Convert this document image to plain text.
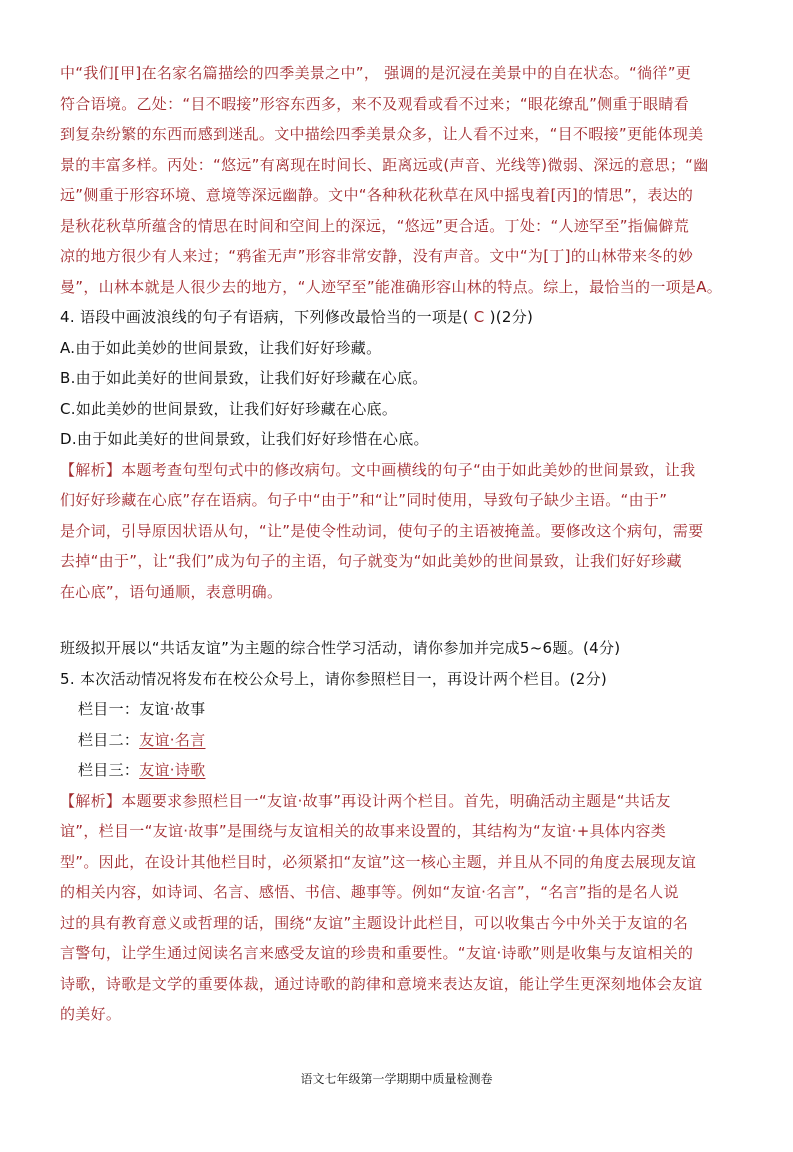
中“我们[甲]在名家名篇描绘的四季美景之中”， 强调的是沉浸在美景中的自在状态。“徜徉”更
符合语境。乙处：“目不暇接”形容东西多，来不及观看或看不过来；“眼花缭乱”侧重于眼睛看
到复杂纷繁的东西而感到迷乱。文中描绘四季美景众多，让人看不过来，“目不暇接”更能体现美
景的丰富多样。丙处：“悠远”有离现在时间长、距离远或(声音、光线等)微弱、深远的意思；“幽
远”侧重于形容环境、意境等深远幽静。文中“各种秋花秋草在风中摇曳着[丙]的情思”，表达的
是秋花秋草所蕴含的情思在时间和空间上的深远，“悠远”更合适。丁处：“人迹罕至”指偏僻荒
凉的地方很少有人来过；“鸦雀无声”形容非常安静，没有声音。文中“为[丁]的山林带来冬的妙
曼”，山林本就是人很少去的地方，“人迹罕至”能准确形容山林的特点。综上，最恰当的一项是A。
4. 语段中画波浪线的句子有语病，下列修改最恰当的一项是( C )(2分)
A.由于如此美妙的世间景致，让我们好好珍藏。
B.由于如此美好的世间景致，让我们好好珍藏在心底。
C.如此美妙的世间景致，让我们好好珍藏在心底。
D.由于如此美好的世间景致，让我们好好珍惜在心底。
【解析】本题考查句型句式中的修改病句。文中画横线的句子“由于如此美妙的世间景致，让我
们好好珍藏在心底”存在语病。句子中“由于”和“让”同时使用，导致句子缺少主语。“由于”
是介词，引导原因状语从句，“让”是使令性动词，使句子的主语被掩盖。要修改这个病句，需要
去掉“由于”，让“我们”成为句子的主语，句子就变为“如此美妙的世间景致，让我们好好珍藏
在心底”，语句通顺，表意明确。
班级拟开展以“共话友谊”为主题的综合性学习活动，请你参加并完成5~6题。(4分)
5. 本次活动情况将发布在校公众号上，请你参照栏目一，再设计两个栏目。(2分)
栏目一：友谊·故事
栏目二：友谊·名言
栏目三：友谊·诗歌
【解析】本题要求参照栏目一“友谊·故事”再设计两个栏目。首先，明确活动主题是“共话友
谊”，栏目一“友谊·故事”是围绕与友谊相关的故事来设置的，其结构为“友谊·+具体内容类
型”。因此，在设计其他栏目时，必须紧扣“友谊”这一核心主题，并且从不同的角度去展现友谊
的相关内容，如诗词、名言、感悟、书信、趣事等。例如“友谊·名言”，“名言”指的是名人说
过的具有教育意义或哲理的话，围绕“友谊”主题设计此栏目，可以收集古今中外关于友谊的名
言警句，让学生通过阅读名言来感受友谊的珍贵和重要性。“友谊·诗歌”则是收集与友谊相关的
诗歌，诗歌是文学的重要体裁，通过诗歌的韵律和意境来表达友谊，能让学生更深刻地体会友谊
的美好。
语文七年级第一学期期中质量检测卷
